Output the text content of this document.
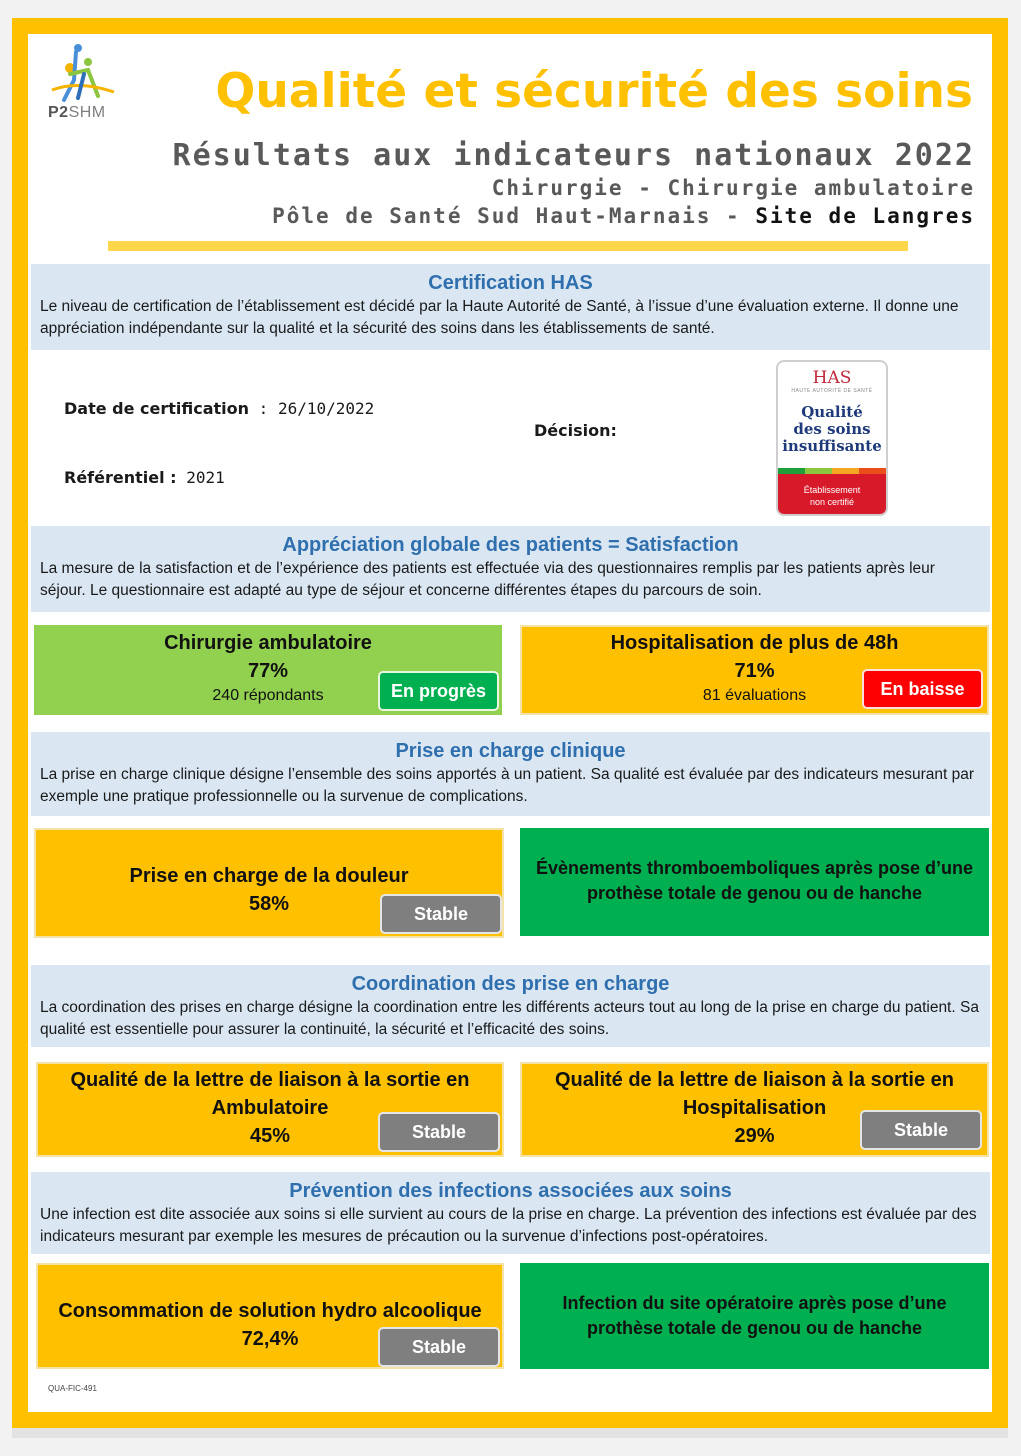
P2SHM Qualité et sécurité des soins
Résultats aux indicateurs nationaux 2022
Chirurgie - Chirurgie ambulatoire
Pôle de Santé Sud Haut-Marnais - Site de Langres
Certification HAS

Le niveau de certification de l’établissement est décidé par la Haute Autorité de Santé, à l’issue d’une évaluation externe. Il donne une appréciation indépendante sur la qualité et la sécurité des soins dans les établissements de santé.

Date de certification : 26/10/2022
Référentiel : 2021
Décision:
HAS
HAUTE AUTORITÉ DE SANTÉ
Qualité
des soins
insuffisante
Établissement
non certifié
Appréciation globale des patients = Satisfaction

La mesure de la satisfaction et de l’expérience des patients est effectuée via des questionnaires remplis par les patients après leur séjour. Le questionnaire est adapté au type de séjour et concerne différentes étapes du parcours de soin.

Chirurgie ambulatoire
77%
240 répondants	En progrès
Hospitalisation de plus de 48h
71%
81 évaluations	En baisse
Prise en charge clinique

La prise en charge clinique désigne l’ensemble des soins apportés à un patient. Sa qualité est évaluée par des indicateurs mesurant par exemple une pratique professionnelle ou la survenue de complications.

Prise en charge de la douleur
58%	Stable
Évènements thromboemboliques après pose d’une prothèse totale de genou ou de hanche
Coordination des prise en charge

La coordination des prises en charge désigne la coordination entre les différents acteurs tout au long de la prise en charge du patient. Sa qualité est essentielle pour assurer la continuité, la sécurité et l’efficacité des soins.

Qualité de la lettre de liaison à la sortie en
Ambulatoire
45%	Stable
Qualité de la lettre de liaison à la sortie en
Hospitalisation
29%	Stable
Prévention des infections associées aux soins

Une infection est dite associée aux soins si elle survient au cours de la prise en charge. La prévention des infections est évaluée par des indicateurs mesurant par exemple les mesures de précaution ou la survenue d’infections post-opératoires.

Consommation de solution hydro alcoolique
72,4%	Stable
Infection du site opératoire après pose d’une prothèse totale de genou ou de hanche
QUA-FIC-491
